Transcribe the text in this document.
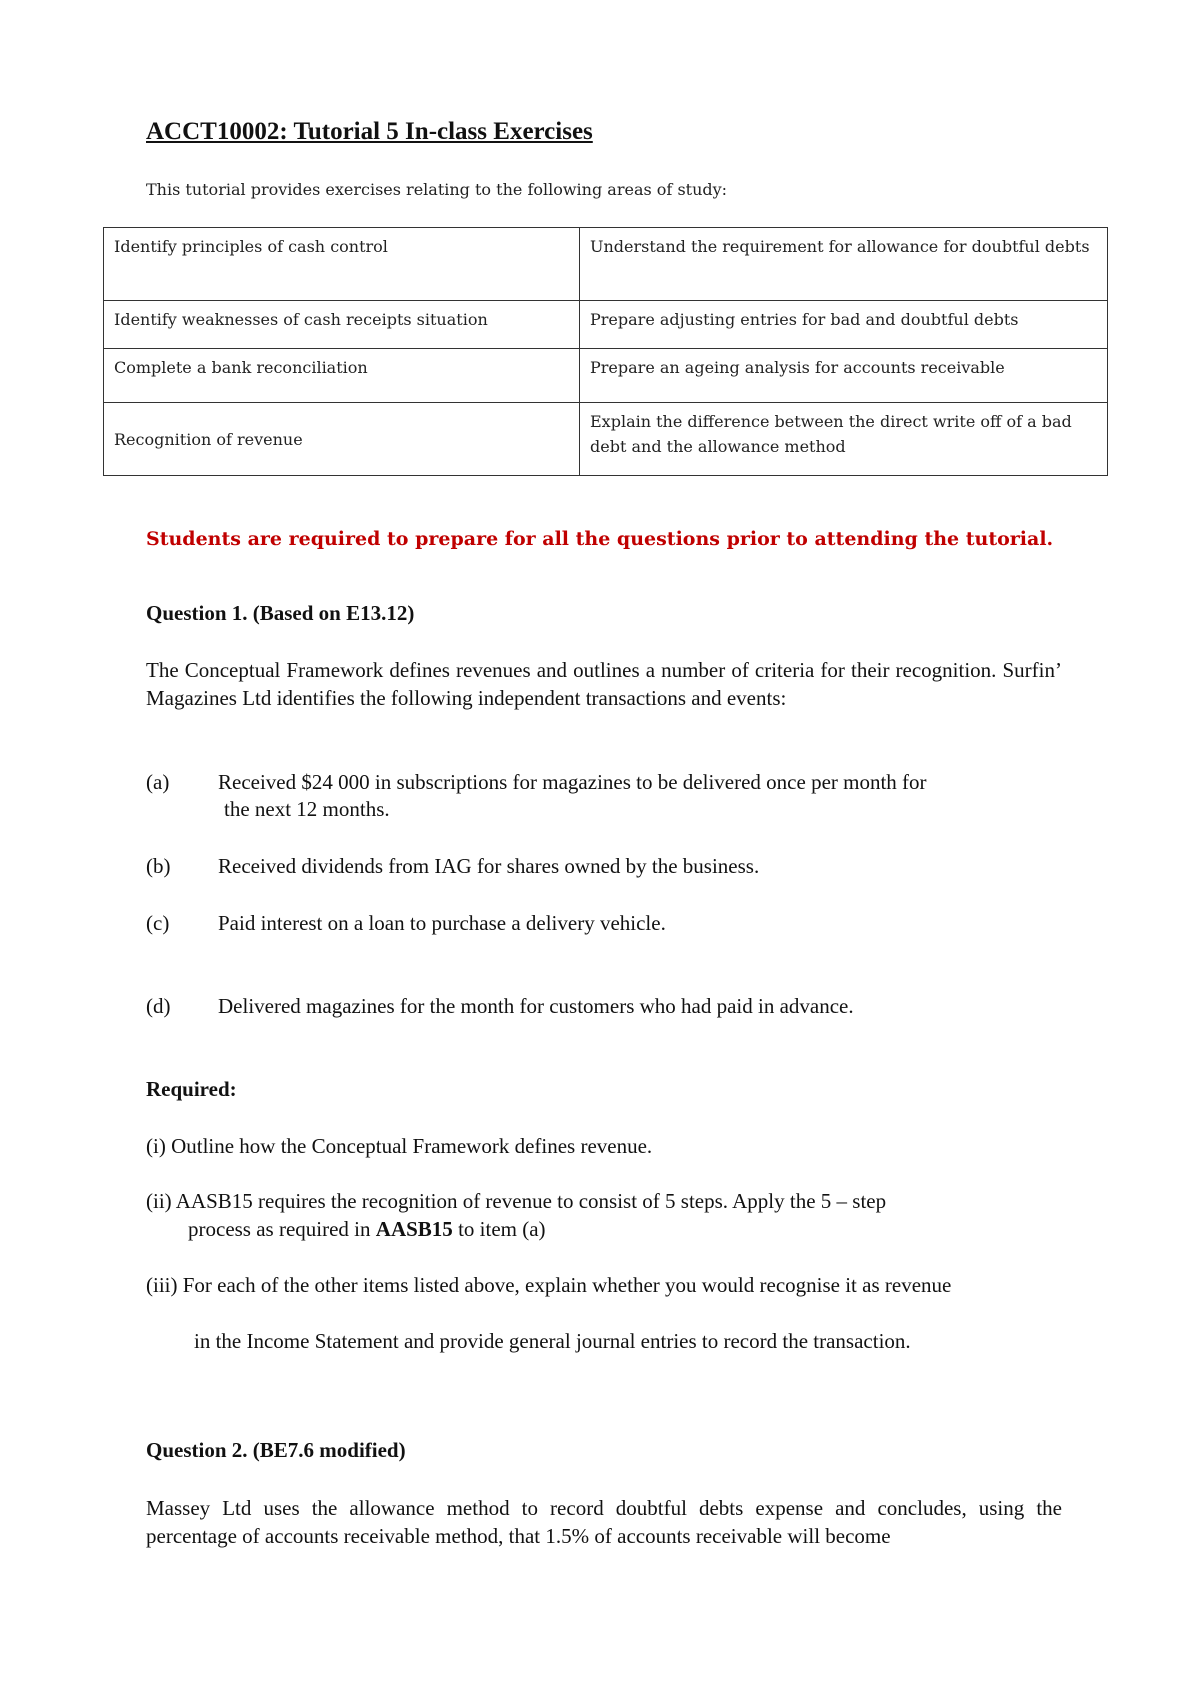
ACCT10002: Tutorial 5 In-class Exercises
This tutorial provides exercises relating to the following areas of study:
Identify principles of cash control	Understand the requirement for allowance for doubtful debts
Identify weaknesses of cash receipts situation	Prepare adjusting entries for bad and doubtful debts
Complete a bank reconciliation	Prepare an ageing analysis for accounts receivable
Recognition of revenue	Explain the difference between the direct write off of a bad debt and the allowance method
Students are required to prepare for all the questions prior to attending the tutorial.
Question 1. (Based on E13.12)
The Conceptual Framework defines revenues and outlines a number of criteria for their recognition. Surfin’ Magazines Ltd identifies the following independent transactions and events:
(a) Received $24 000 in subscriptions for magazines to be delivered once per month for
the next 12 months.
(b) Received dividends from IAG for shares owned by the business.
(c) Paid interest on a loan to purchase a delivery vehicle.
(d) Delivered magazines for the month for customers who had paid in advance.
Required:
(i) Outline how the Conceptual Framework defines revenue.
(ii) AASB15 requires the recognition of revenue to consist of 5 steps. Apply the 5 – step
process as required in AASB15 to item (a)
(iii) For each of the other items listed above, explain whether you would recognise it as revenue
in the Income Statement and provide general journal entries to record the transaction.
Question 2. (BE7.6 modified)
Massey Ltd uses the allowance method to record doubtful debts expense and concludes, using the percentage of accounts receivable method, that 1.5% of accounts receivable will become
